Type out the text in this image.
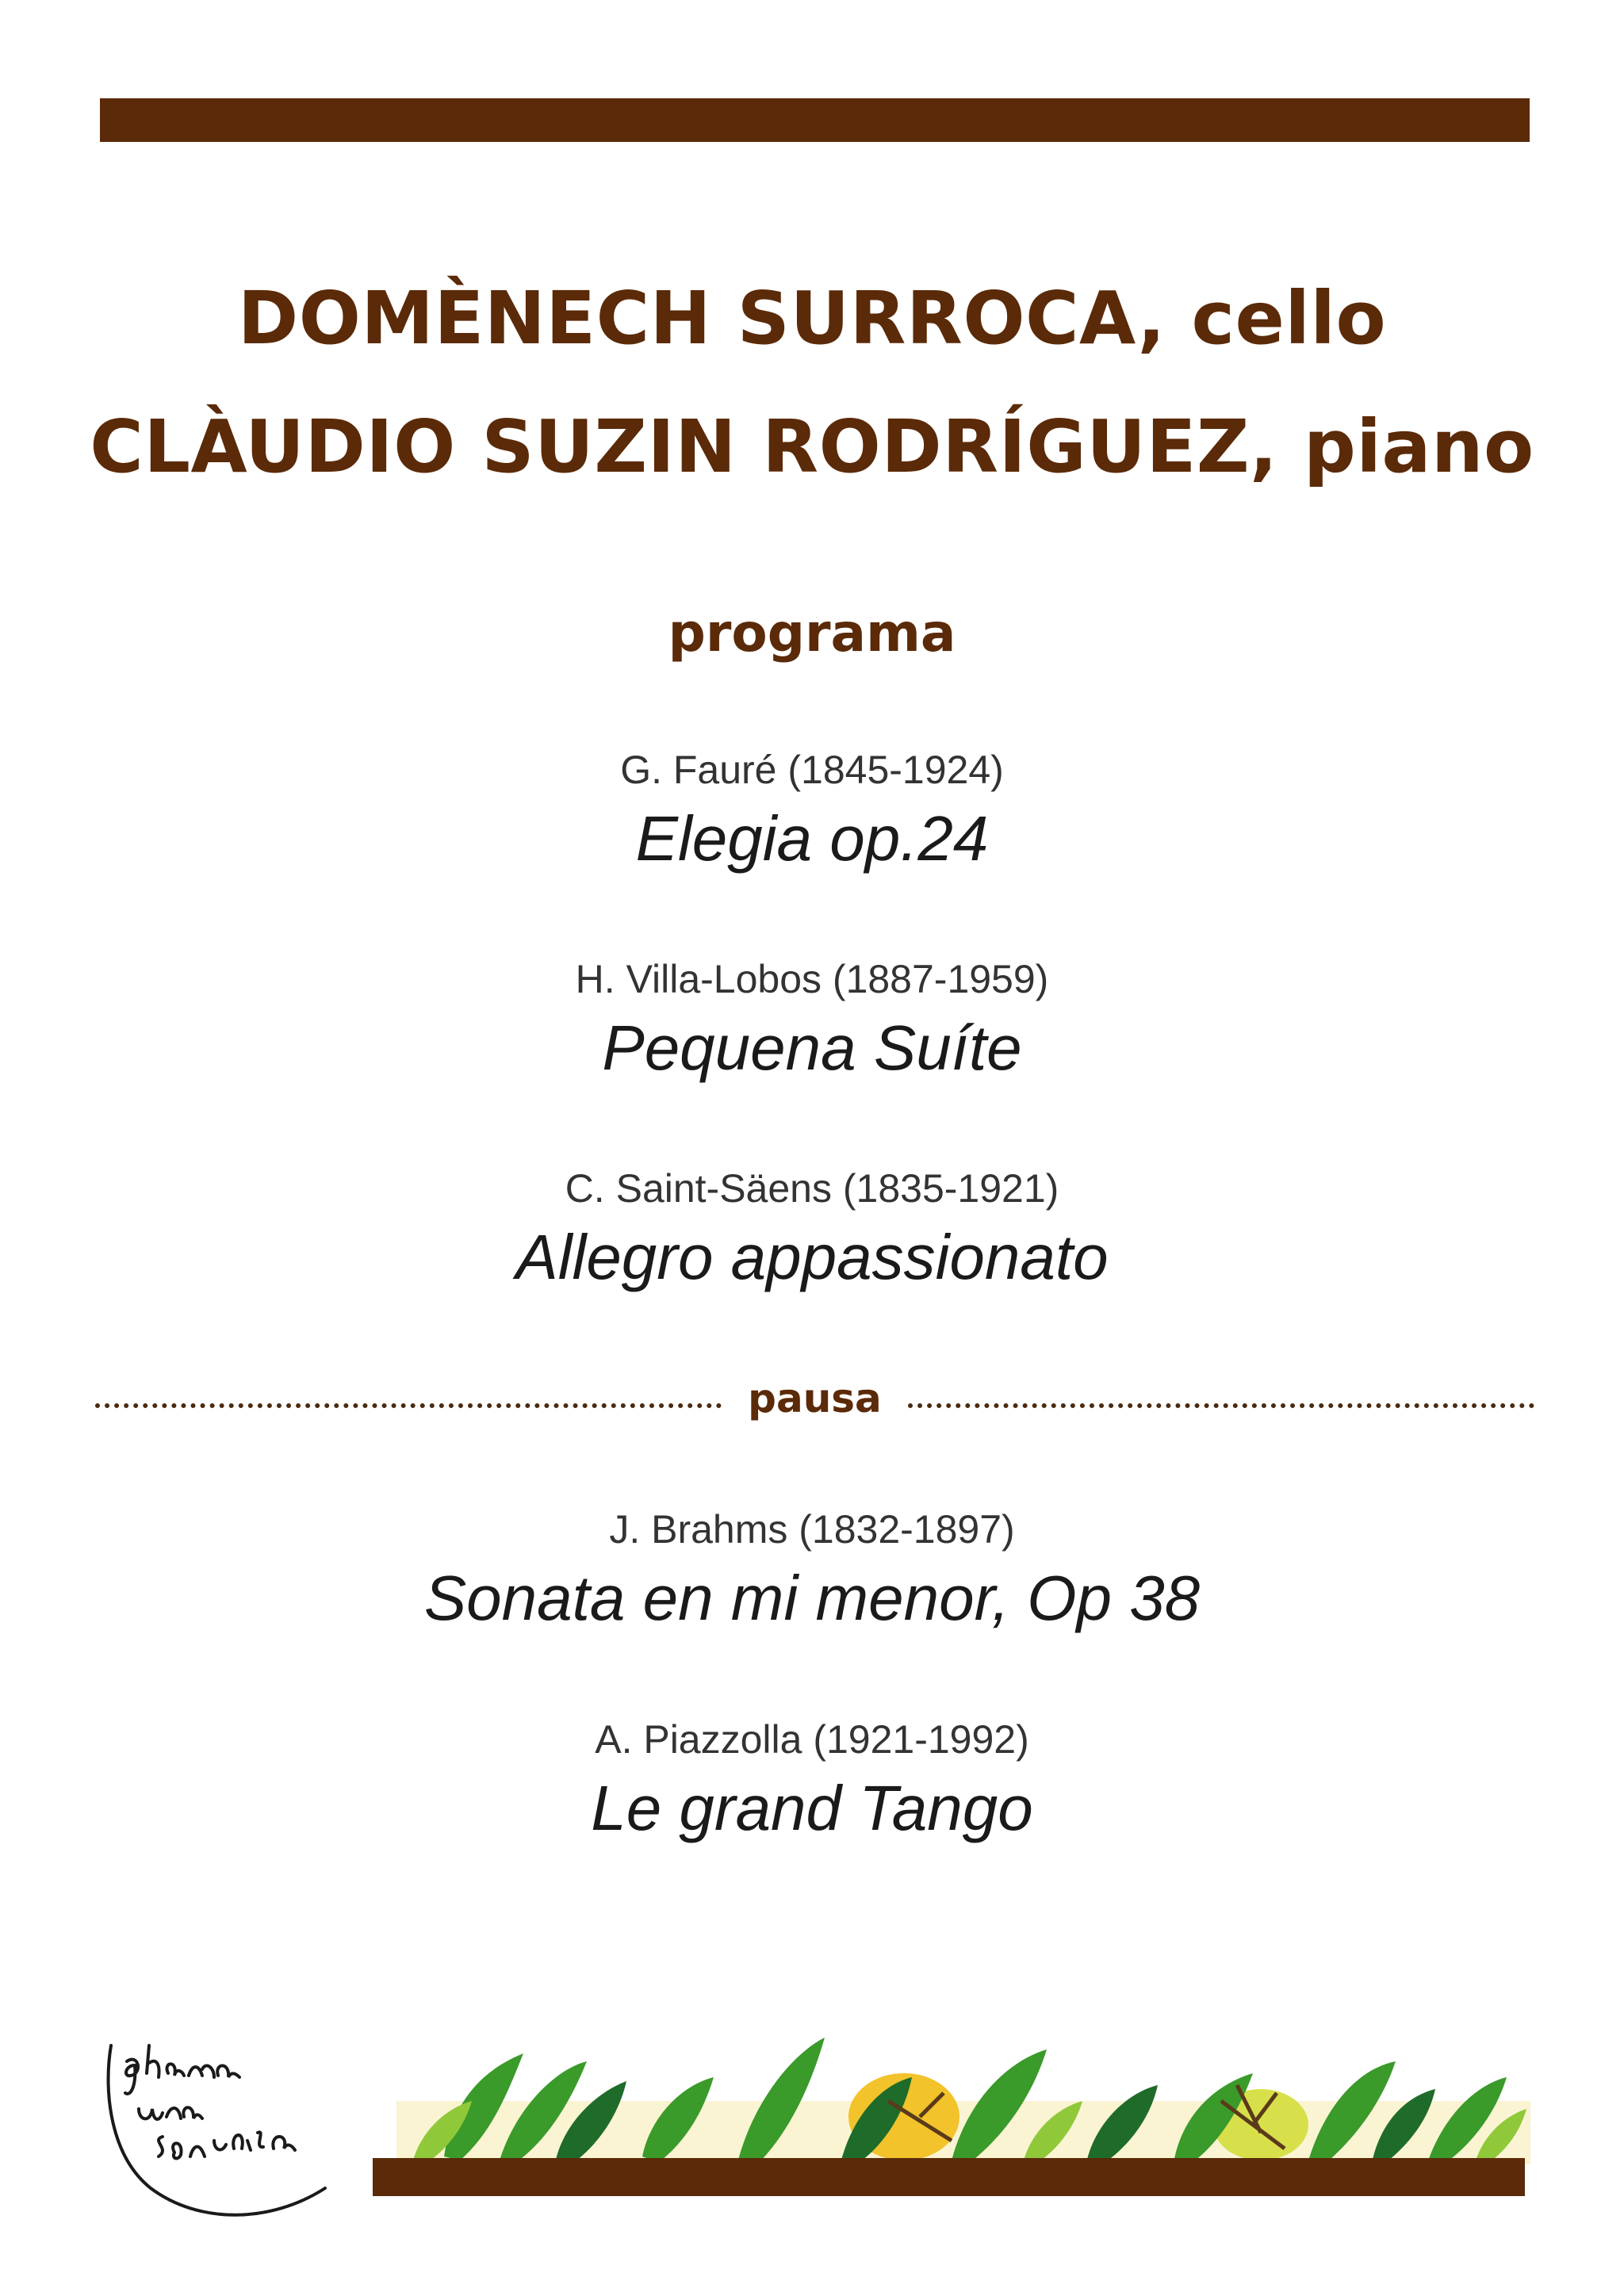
DOMÈNECH SURROCA, cello
CLÀUDIO SUZIN RODRÍGUEZ, piano
programa
G. Fauré (1845-1924)
Elegia op.24
H. Villa-Lobos (1887-1959)
Pequena Suíte
C. Saint-Säens (1835-1921)
Allegro appassionato
pausa
J. Brahms (1832-1897)
Sonata en mi menor, Op 38
A. Piazzolla (1921-1992)
Le grand Tango
